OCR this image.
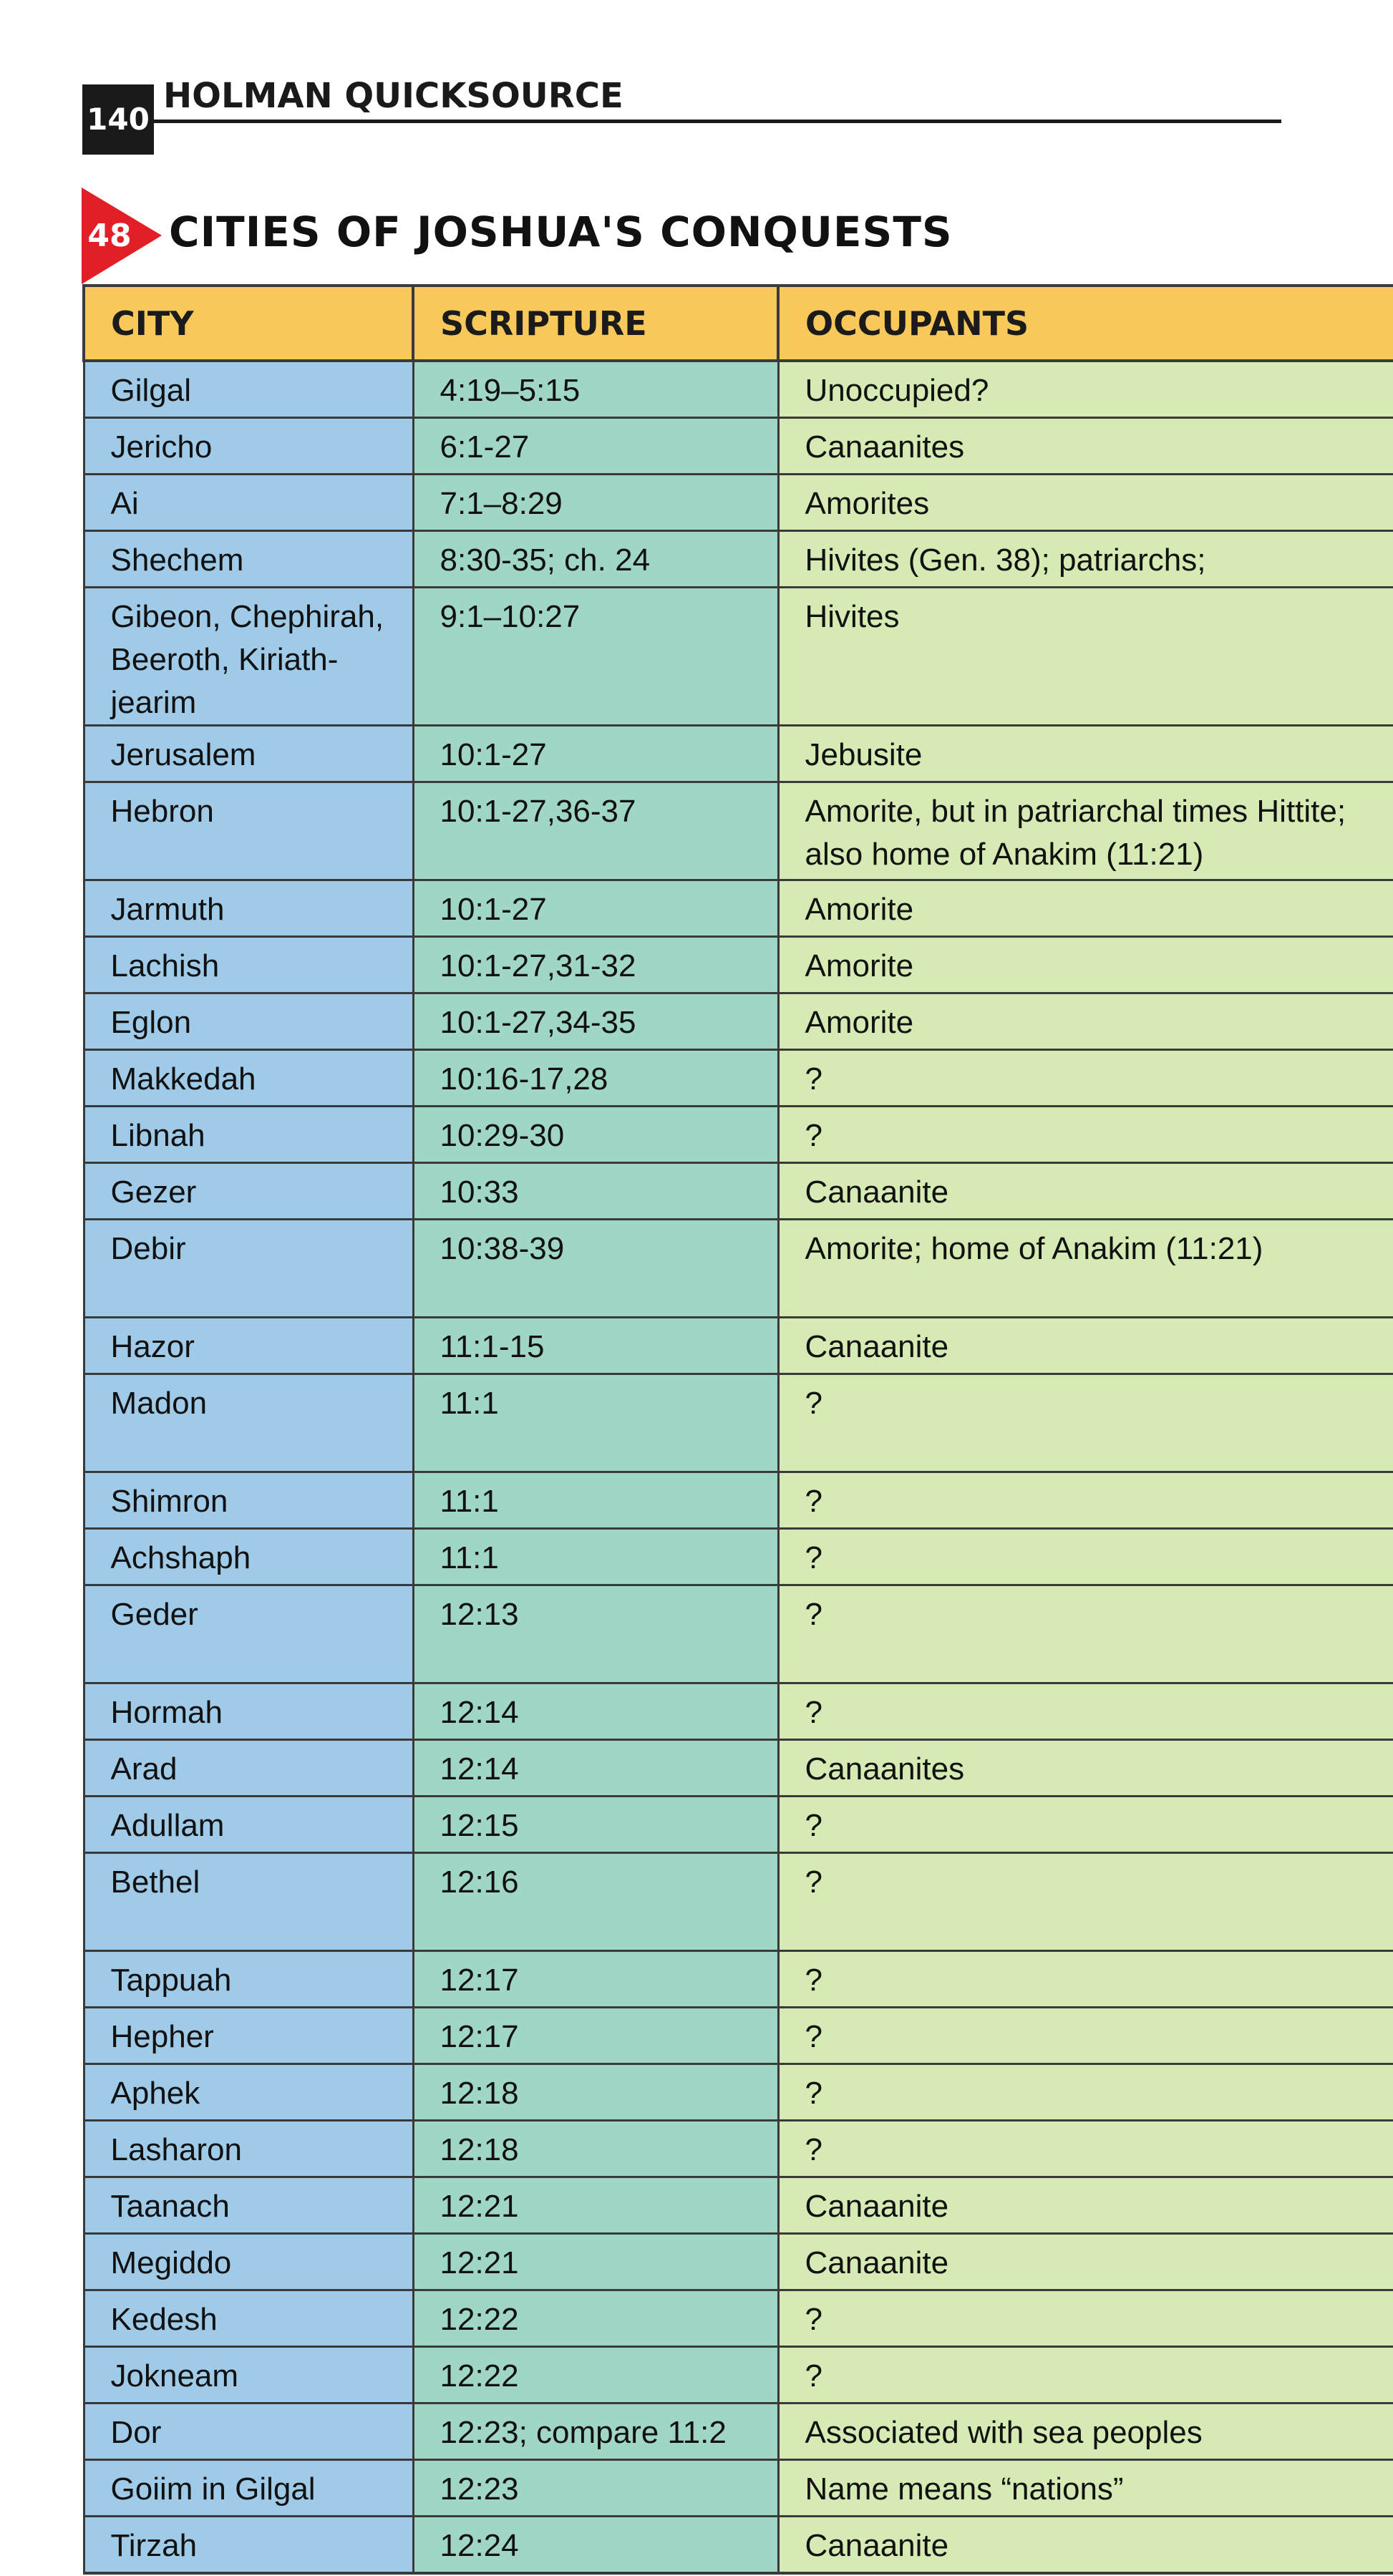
140
HOLMAN QUICKSOURCE
48 CITIES OF JOSHUA'S CONQUESTS
CITY	SCRIPTURE	OCCUPANTS
Gilgal	4:19–5:15	Unoccupied?
Jericho	6:1-27	Canaanites
Ai	7:1–8:29	Amorites
Shechem	8:30-35; ch. 24	Hivites (Gen. 38); patriarchs;
Gibeon, Chephirah, Beeroth, Kiriath-jearim	9:1–10:27	Hivites
Jerusalem	10:1-27	Jebusite
Hebron	10:1-27,36-37	Amorite, but in patriarchal times Hittite; also home of Anakim (11:21)
Jarmuth	10:1-27	Amorite
Lachish	10:1-27,31-32	Amorite
Eglon	10:1-27,34-35	Amorite
Makkedah	10:16-17,28	?
Libnah	10:29-30	?
Gezer	10:33	Canaanite
Debir	10:38-39	Amorite; home of Anakim (11:21)
Hazor	11:1-15	Canaanite
Madon	11:1	?
Shimron	11:1	?
Achshaph	11:1	?
Geder	12:13	?
Hormah	12:14	?
Arad	12:14	Canaanites
Adullam	12:15	?
Bethel	12:16	?
Tappuah	12:17	?
Hepher	12:17	?
Aphek	12:18	?
Lasharon	12:18	?
Taanach	12:21	Canaanite
Megiddo	12:21	Canaanite
Kedesh	12:22	?
Jokneam	12:22	?
Dor	12:23; compare 11:2	Associated with sea peoples
Goiim in Gilgal	12:23	Name means “nations”
Tirzah	12:24	Canaanite
